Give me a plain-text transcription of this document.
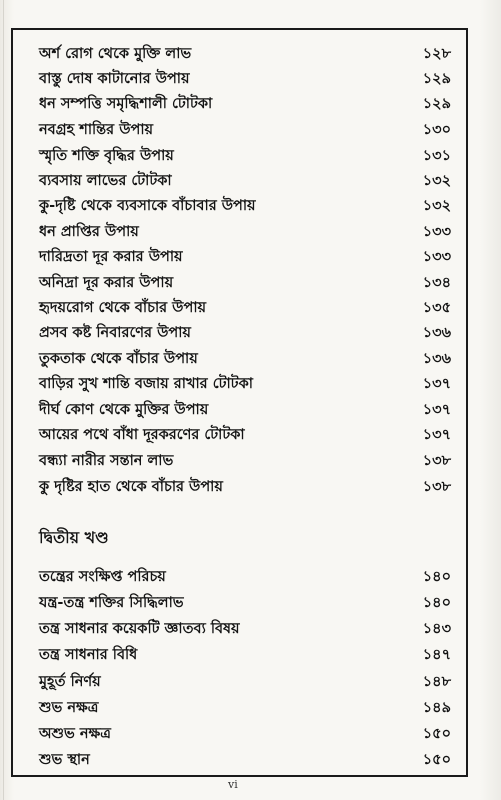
অর্শ রোগ থেকে মুক্তি লাভ	১২৮
বাস্তু দোষ কাটানোর উপায়	১২৯
ধন সম্পত্তি সমৃদ্ধিশালী টোটকা	১২৯
নবগ্রহ শান্তির উপায়	১৩০
স্মৃতি শক্তি বৃদ্ধির উপায়	১৩১
ব্যবসায় লাভের টোটকা	১৩২
কু-দৃষ্টি থেকে ব্যবসাকে বাঁচাবার উপায়	১৩২
ধন প্রাপ্তির উপায়	১৩৩
দারিদ্রতা দূর করার উপায়	১৩৩
অনিদ্রা দূর করার উপায়	১৩৪
হৃদয়রোগ থেকে বাঁচার উপায়	১৩৫
প্রসব কষ্ট নিবারণের উপায়	১৩৬
তুকতাক থেকে বাঁচার উপায়	১৩৬
বাড়ির সুখ শান্তি বজায় রাখার টোটকা	১৩৭
দীর্ঘ কোণ থেকে মুক্তির উপায়	১৩৭
আয়ের পথে বাঁধা দূরকরণের টোটকা	১৩৭
বন্ধ্যা নারীর সন্তান লাভ	১৩৮
কু দৃষ্টির হাত থেকে বাঁচার উপায়	১৩৮
দ্বিতীয় খণ্ড
তন্ত্রের সংক্ষিপ্ত পরিচয়	১৪০
যন্ত্র-তন্ত্র শক্তির সিদ্ধিলাভ	১৪০
তন্ত্র সাধনার কয়েকটি জ্ঞাতব্য বিষয়	১৪৩
তন্ত্র সাধনার বিধি	১৪৭
মুহূর্ত নির্ণয়	১৪৮
শুভ নক্ষত্র	১৪৯
অশুভ নক্ষত্র	১৫০
শুভ স্থান	১৫০
vi
